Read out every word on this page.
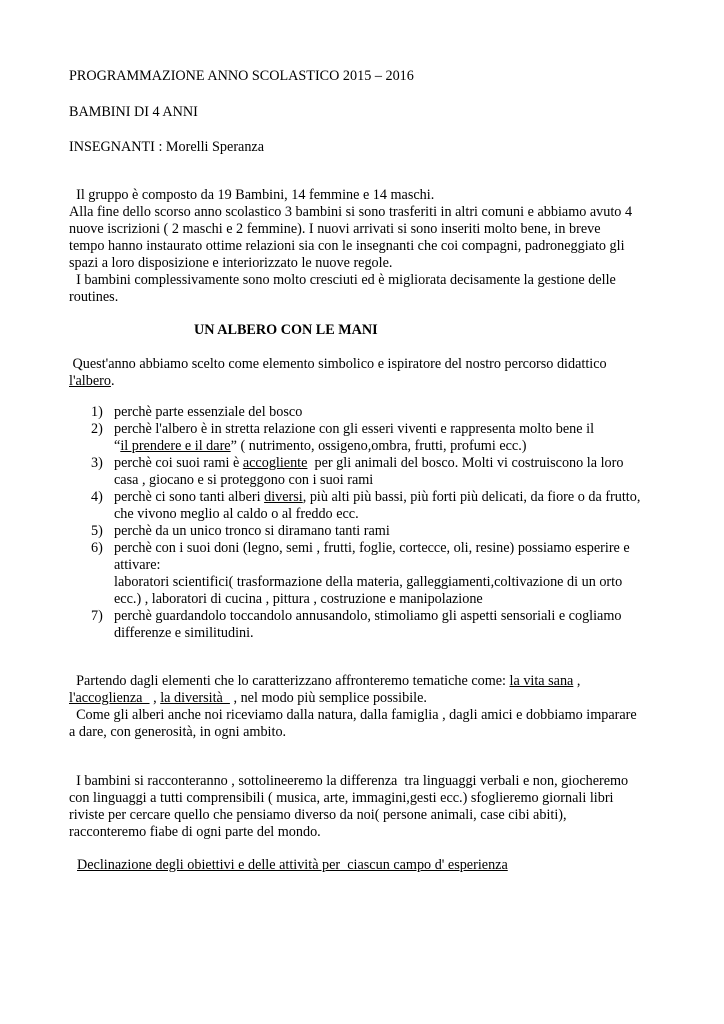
PROGRAMMAZIONE ANNO SCOLASTICO 2015 – 2016
BAMBINI DI 4 ANNI
INSEGNANTI : Morelli Speranza
Il gruppo è composto da 19 Bambini, 14 femmine e 14 maschi.
Alla fine dello scorso anno scolastico 3 bambini si sono trasferiti in altri comuni e abbiamo avuto 4
nuove iscrizioni ( 2 maschi e 2 femmine). I nuovi arrivati si sono inseriti molto bene, in breve
tempo hanno instaurato ottime relazioni sia con le insegnanti che coi compagni, padroneggiato gli
spazi a loro disposizione e interiorizzato le nuove regole.
I bambini complessivamente sono molto cresciuti ed è migliorata decisamente la gestione delle
routines.
UN ALBERO CON LE MANI
Quest'anno abbiamo scelto come elemento simbolico e ispiratore del nostro percorso didattico
l'albero.
1) perchè parte essenziale del bosco
2) perchè l'albero è in stretta relazione con gli esseri viventi e rappresenta molto bene il
“il prendere e il dare” ( nutrimento, ossigeno,ombra, frutti, profumi ecc.)
3) perchè coi suoi rami è accogliente  per gli animali del bosco. Molti vi costruiscono la loro
casa , giocano e si proteggono con i suoi rami
4) perchè ci sono tanti alberi diversi, più alti più bassi, più forti più delicati, da fiore o da frutto,
che vivono meglio al caldo o al freddo ecc.
5) perchè da un unico tronco si diramano tanti rami
6) perchè con i suoi doni (legno, semi , frutti, foglie, cortecce, oli, resine) possiamo esperire e
attivare:
laboratori scientifici( trasformazione della materia, galleggiamenti,coltivazione di un orto
ecc.) , laboratori di cucina , pittura , costruzione e manipolazione
7) perchè guardandolo toccandolo annusandolo, stimoliamo gli aspetti sensoriali e cogliamo
differenze e similitudini.
Partendo dagli elementi che lo caratterizzano affronteremo tematiche come: la vita sana ,
l'accoglienza   , la diversità   , nel modo più semplice possibile.
Come gli alberi anche noi riceviamo dalla natura, dalla famiglia , dagli amici e dobbiamo imparare
a dare, con generosità, in ogni ambito.
I bambini si racconteranno , sottolineeremo la differenza  tra linguaggi verbali e non, giocheremo
con linguaggi a tutti comprensibili ( musica, arte, immagini,gesti ecc.) sfoglieremo giornali libri
riviste per cercare quello che pensiamo diverso da noi( persone animali, case cibi abiti),
racconteremo fiabe di ogni parte del mondo.
Declinazione degli obiettivi e delle attività per  ciascun campo d' esperienza
